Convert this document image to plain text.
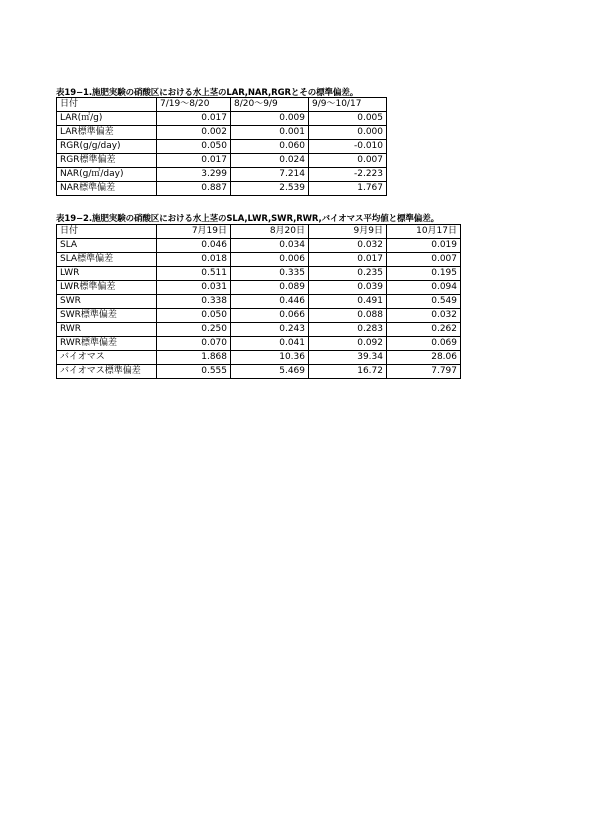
表19−1.施肥実験の硝酸区における水上茎のLAR,NAR,RGRとその標準偏差。
日付	7/19〜8/20	8/20〜9/9	9/9〜10/17
LAR(㎡/g)	0.017	0.009	0.005
LAR標準偏差	0.002	0.001	0.000
RGR(g/g/day)	0.050	0.060	-0.010
RGR標準偏差	0.017	0.024	0.007
NAR(g/㎡/day)	3.299	7.214	-2.223
NAR標準偏差	0.887	2.539	1.767
表19−2.施肥実験の硝酸区における水上茎のSLA,LWR,SWR,RWR,バイオマス平均値と標準偏差。
日付	7月19日	8月20日	9月9日	10月17日
SLA	0.046	0.034	0.032	0.019
SLA標準偏差	0.018	0.006	0.017	0.007
LWR	0.511	0.335	0.235	0.195
LWR標準偏差	0.031	0.089	0.039	0.094
SWR	0.338	0.446	0.491	0.549
SWR標準偏差	0.050	0.066	0.088	0.032
RWR	0.250	0.243	0.283	0.262
RWR標準偏差	0.070	0.041	0.092	0.069
バイオマス	1.868	10.36	39.34	28.06
バイオマス標準偏差	0.555	5.469	16.72	7.797
